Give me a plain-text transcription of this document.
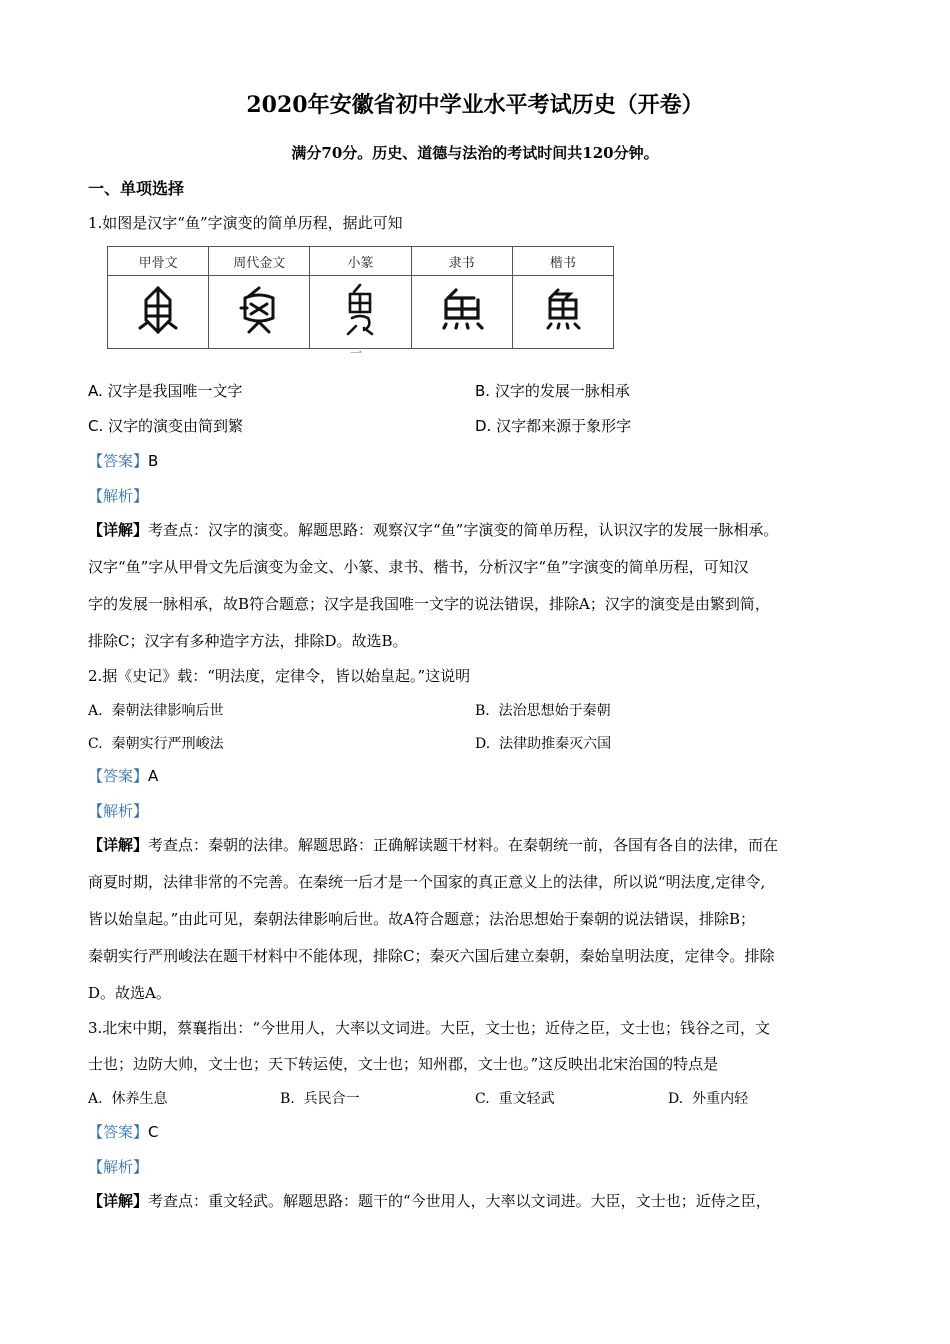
2020年安徽省初中学业水平考试历史（开卷）
满分70分。历史、道德与法治的考试时间共120分钟。
一、单项选择
1.如图是汉字“鱼”字演变的简单历程，据此可知
甲骨文	周代金文	小篆	隶书	楷书

一
A. 汉字是我国唯一文字	B. 汉字的发展一脉相承
C. 汉字的演变由简到繁	D. 汉字都来源于象形字
【答案】B
【解析】
【详解】考查点：汉字的演变。解题思路：观察汉字“鱼”字演变的简单历程，认识汉字的发展一脉相承。
汉字“鱼”字从甲骨文先后演变为金文、小篆、隶书、楷书，分析汉字“鱼”字演变的简单历程，可知汉
字的发展一脉相承，故B符合题意；汉字是我国唯一文字的说法错误，排除A；汉字的演变是由繁到简，
排除C；汉字有多种造字方法，排除D。故选B。
2.据《史记》载：“明法度，定律令，皆以始皇起。”这说明
A. 秦朝法律影响后世	B. 法治思想始于秦朝
C. 秦朝实行严刑峻法	D. 法律助推秦灭六国
【答案】A
【解析】
【详解】考查点：秦朝的法律。解题思路：正确解读题干材料。在秦朝统一前，各国有各自的法律，而在
商夏时期，法律非常的不完善。在秦统一后才是一个国家的真正意义上的法律，所以说“明法度,定律令,
皆以始皇起。”由此可见，秦朝法律影响后世。故A符合题意；法治思想始于秦朝的说法错误，排除B；
秦朝实行严刑峻法在题干材料中不能体现，排除C；秦灭六国后建立秦朝，秦始皇明法度，定律令。排除
D。故选A。
3.北宋中期，蔡襄指出：“今世用人，大率以文词进。大臣，文士也；近侍之臣，文士也；钱谷之司，文
士也；边防大帅，文士也；天下转运使，文士也；知州郡，文士也。”这反映出北宋治国的特点是
A. 休养生息	B. 兵民合一	C. 重文轻武	D. 外重内轻
【答案】C
【解析】
【详解】考查点：重文轻武。解题思路：题干的“今世用人，大率以文词进。大臣，文士也；近侍之臣，
